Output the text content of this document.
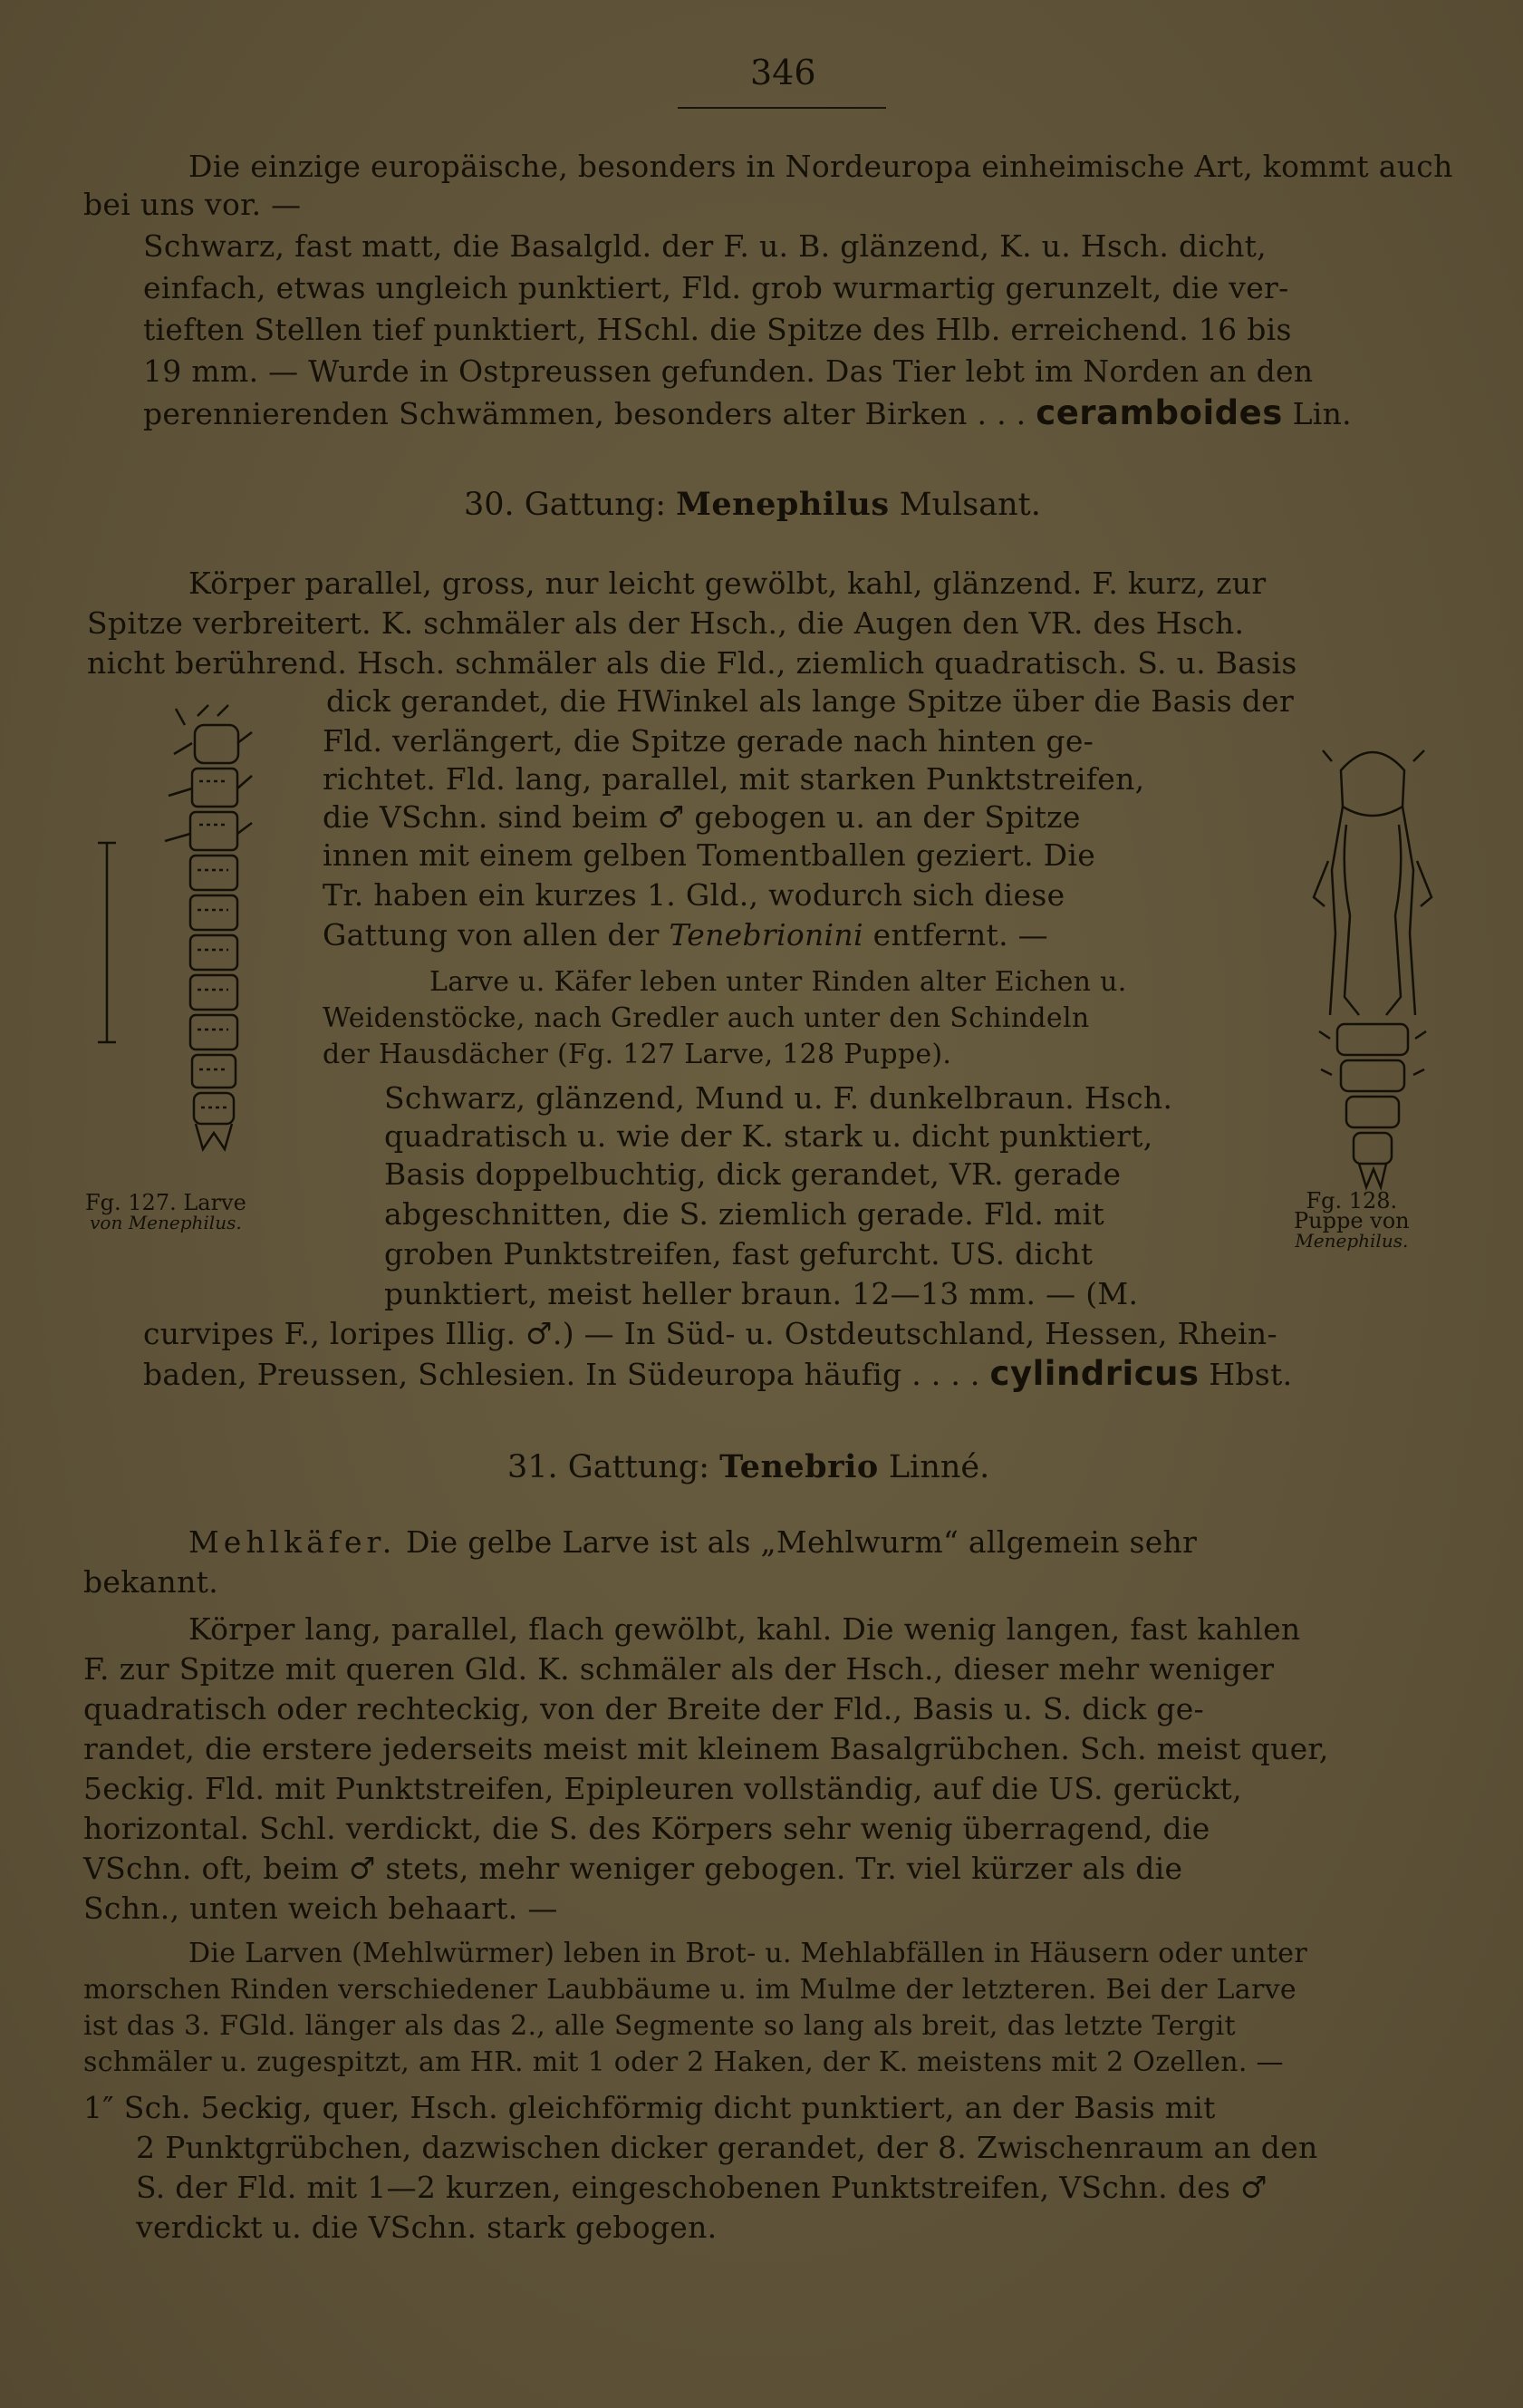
346
Die einzige europäische, besonders in Nordeuropa einheimische Art, kommt auch
bei uns vor. —
Schwarz, fast matt, die Basalgld. der F. u. B. glänzend, K. u. Hsch. dicht,
einfach, etwas ungleich punktiert, Fld. grob wurmartig gerunzelt, die ver-
tieften Stellen tief punktiert, HSchl. die Spitze des Hlb. erreichend. 16 bis
19 mm. — Wurde in Ostpreussen gefunden. Das Tier lebt im Norden an den
perennierenden Schwämmen, besonders alter Birken . . . ceramboides Lin.
30. Gattung: Menephilus Mulsant.
Körper parallel, gross, nur leicht gewölbt, kahl, glänzend. F. kurz, zur
Spitze verbreitert. K. schmäler als der Hsch., die Augen den VR. des Hsch.
nicht berührend. Hsch. schmäler als die Fld., ziemlich quadratisch. S. u. Basis
dick gerandet, die HWinkel als lange Spitze über die Basis der
Fld. verlängert, die Spitze gerade nach hinten ge-
richtet. Fld. lang, parallel, mit starken Punktstreifen,
die VSchn. sind beim ♂ gebogen u. an der Spitze
innen mit einem gelben Tomentballen geziert. Die
Tr. haben ein kurzes 1. Gld., wodurch sich diese
Gattung von allen der Tenebrionini entfernt. —
Larve u. Käfer leben unter Rinden alter Eichen u.
Weidenstöcke, nach Gredler auch unter den Schindeln
der Hausdächer (Fg. 127 Larve, 128 Puppe).
Schwarz, glänzend, Mund u. F. dunkelbraun. Hsch.
quadratisch u. wie der K. stark u. dicht punktiert,
Basis doppelbuchtig, dick gerandet, VR. gerade
abgeschnitten, die S. ziemlich gerade. Fld. mit
groben Punktstreifen, fast gefurcht. US. dicht
punktiert, meist heller braun. 12—13 mm. — (M.
curvipes F., loripes Illig. ♂.) — In Süd- u. Ostdeutschland, Hessen, Rhein-
baden, Preussen, Schlesien. In Südeuropa häufig . . . . cylindricus Hbst.
Fg. 127. Larve
von Menephilus.
Fg. 128.
Puppe von
Menephilus.
31. Gattung: Tenebrio Linné.
Mehlkäfer. Die gelbe Larve ist als „Mehlwurm“ allgemein sehr
bekannt.
Körper lang, parallel, flach gewölbt, kahl. Die wenig langen, fast kahlen
F. zur Spitze mit queren Gld. K. schmäler als der Hsch., dieser mehr weniger
quadratisch oder rechteckig, von der Breite der Fld., Basis u. S. dick ge-
randet, die erstere jederseits meist mit kleinem Basalgrübchen. Sch. meist quer,
5eckig. Fld. mit Punktstreifen, Epipleuren vollständig, auf die US. gerückt,
horizontal. Schl. verdickt, die S. des Körpers sehr wenig überragend, die
VSchn. oft, beim ♂ stets, mehr weniger gebogen. Tr. viel kürzer als die
Schn., unten weich behaart. —
Die Larven (Mehlwürmer) leben in Brot- u. Mehlabfällen in Häusern oder unter
morschen Rinden verschiedener Laubbäume u. im Mulme der letzteren. Bei der Larve
ist das 3. FGld. länger als das 2., alle Segmente so lang als breit, das letzte Tergit
schmäler u. zugespitzt, am HR. mit 1 oder 2 Haken, der K. meistens mit 2 Ozellen. —
1″ Sch. 5eckig, quer, Hsch. gleichförmig dicht punktiert, an der Basis mit
2 Punktgrübchen, dazwischen dicker gerandet, der 8. Zwischenraum an den
S. der Fld. mit 1—2 kurzen, eingeschobenen Punktstreifen, VSchn. des ♂
verdickt u. die VSchn. stark gebogen.
